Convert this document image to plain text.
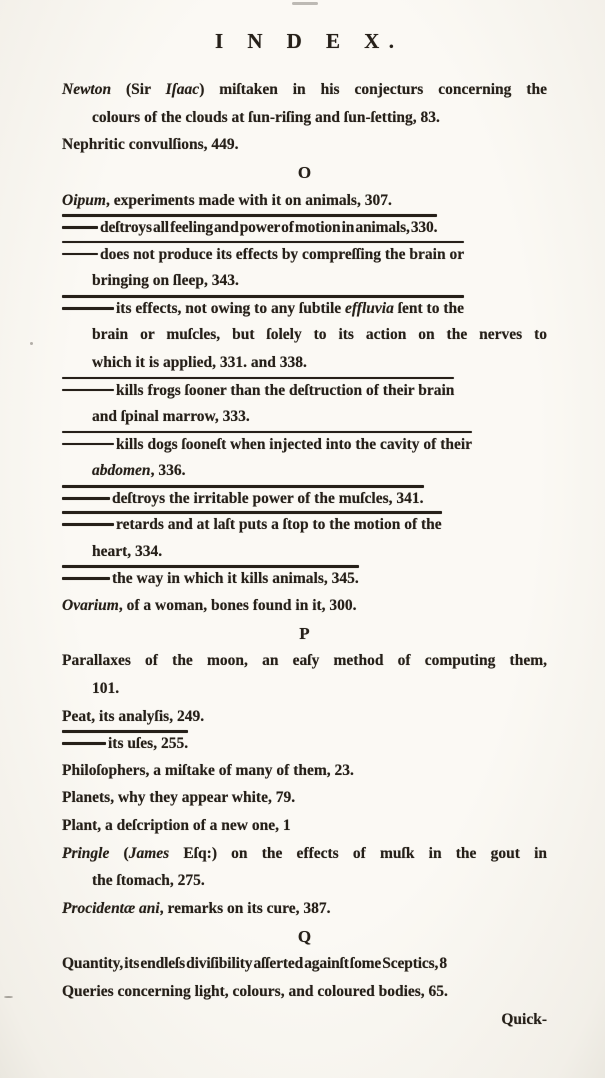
I N D E X.
Newton (Sir Iſaac) miſtaken in his conjecturs concerning the
colours of the clouds at ſun-riſing and ſun-ſetting, 83.
Nephritic convulſions, 449.
O
Oipum, experiments made with it on animals, 307.
deſtroys all feeling and power of motion in animals, 330.does not produce its effects by compreſſing the brain or
bringing on ſleep, 343.
its effects, not owing to any ſubtile effluvia ſent to the
brain or muſcles, but ſolely to its action on the nerves to
which it is applied, 331. and 338.
kills frogs ſooner than the deſtruction of their brain
and ſpinal marrow, 333.
kills dogs ſooneſt when injected into the cavity of their
abdomen, 336.
deſtroys the irritable power of the muſcles, 341.retards and at laſt puts a ſtop to the motion of the
heart, 334.
the way in which it kills animals, 345.
Ovarium, of a woman, bones found in it, 300.
P
Parallaxes of the moon, an eaſy method of computing them,
101.
Peat, its analyſis, 249.
its uſes, 255.
Philoſophers, a miſtake of many of them, 23.
Planets, why they appear white, 79.
Plant, a deſcription of a new one, 1
Pringle (James Eſq:) on the effects of muſk in the gout in
the ſtomach, 275.
Procidentæ ani, remarks on its cure, 387.
Q
Quantity, its endleſs diviſibility aſſerted againſt ſome Sceptics, 8
Queries concerning light, colours, and coloured bodies, 65.
Quick-
